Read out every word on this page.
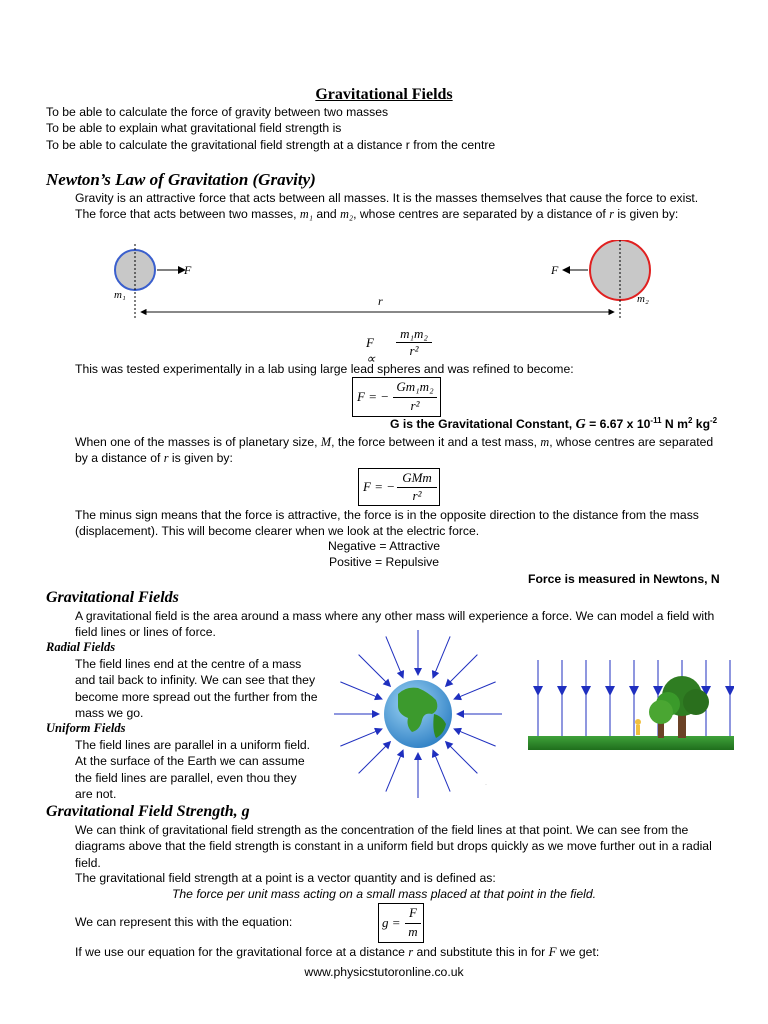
Gravitational Fields
To be able to calculate the force of gravity between two masses
To be able to explain what gravitational field strength is
To be able to calculate the gravitational field strength at a distance r from the centre
Newton’s Law of Gravitation (Gravity)
Gravity is an attractive force that acts between all masses. It is the masses themselves that cause the force to exist. The force that acts between two masses, m₁ and m₂, whose centres are separated by a distance of r is given by:
F	F
m₁	m₂
r
F ∝
m₁m₂
r²
This was tested experimentally in a lab using large lead spheres and was refined to become:
F = −
Gm₁m₂
r²
G is the Gravitational Constant, G = 6.67 x $10^{-11}$ N $m^2$ $kg^{-2}$
When one of the masses is of planetary size, M, the force between it and a test mass, m, whose centres are separated by a distance of r is given by:
F = −
GMm
r²
The minus sign means that the force is attractive, the force is in the opposite direction to the distance from the mass (displacement). This will become clearer when we look at the electric force.
Negative = Attractive
Positive = Repulsive
Force is measured in Newtons, N
Gravitational Fields
A gravitational field is the area around a mass where any other mass will experience a force. We can model a field with field lines or lines of force.
Radial Fields
The field lines end at the centre of a mass and tail back to infinity. We can see that they become more spread out the further from the mass we go.
Uniform Fields
The field lines are parallel in a uniform field. At the surface of the Earth we can assume the field lines are parallel, even thou they are not.
·
Gravitational Field Strength, g
We can think of gravitational field strength as the concentration of the field lines at that point. We can see from the diagrams above that the field strength is constant in a uniform field but drops quickly as we move further out in a radial field.
The gravitational field strength at a point is a vector quantity and is defined as:
The force per unit mass acting on a small mass placed at that point in the field.
We can represent this with the equation:	g =
F
m
If we use our equation for the gravitational force at a distance r and substitute this in for F we get:
www.physicstutoronline.co.uk
